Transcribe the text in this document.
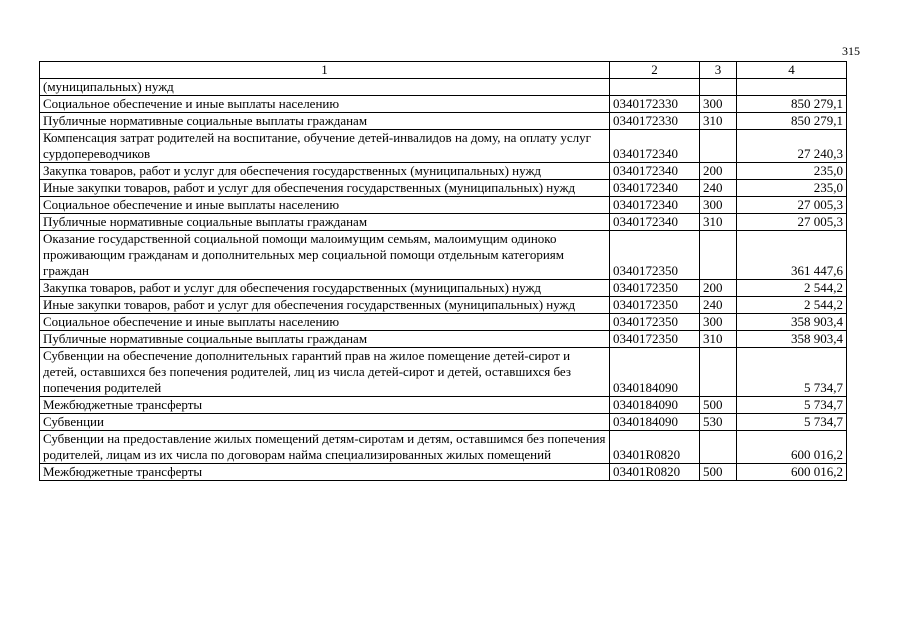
315
1	2	3	4
(муниципальных) нужд			
Социальное обеспечение и иные выплаты населению	0340172330	300	850 279,1
Публичные нормативные социальные выплаты гражданам	0340172330	310	850 279,1
Компенсация затрат родителей на воспитание, обучение детей-инвалидов на дому, на оплату услуг сурдопереводчиков	0340172340		27 240,3
Закупка товаров, работ и услуг для обеспечения государственных (муниципальных) нужд	0340172340	200	235,0
Иные закупки товаров, работ и услуг для обеспечения государственных (муниципальных) нужд	0340172340	240	235,0
Социальное обеспечение и иные выплаты населению	0340172340	300	27 005,3
Публичные нормативные социальные выплаты гражданам	0340172340	310	27 005,3
Оказание государственной социальной помощи малоимущим семьям, малоимущим одиноко проживающим гражданам и дополнительных мер социальной помощи отдельным категориям граждан	0340172350		361 447,6
Закупка товаров, работ и услуг для обеспечения государственных (муниципальных) нужд	0340172350	200	2 544,2
Иные закупки товаров, работ и услуг для обеспечения государственных (муниципальных) нужд	0340172350	240	2 544,2
Социальное обеспечение и иные выплаты населению	0340172350	300	358 903,4
Публичные нормативные социальные выплаты гражданам	0340172350	310	358 903,4
Субвенции на обеспечение дополнительных гарантий прав на жилое помещение детей-сирот и детей, оставшихся без попечения родителей, лиц из числа детей-сирот и детей, оставшихся без попечения родителей	0340184090		5 734,7
Межбюджетные трансферты	0340184090	500	5 734,7
Субвенции	0340184090	530	5 734,7
Субвенции на предоставление жилых помещений детям-сиротам и детям, оставшимся без попечения родителей, лицам из их числа по договорам найма специализированных жилых помещений	03401R0820		600 016,2
Межбюджетные трансферты	03401R0820	500	600 016,2
